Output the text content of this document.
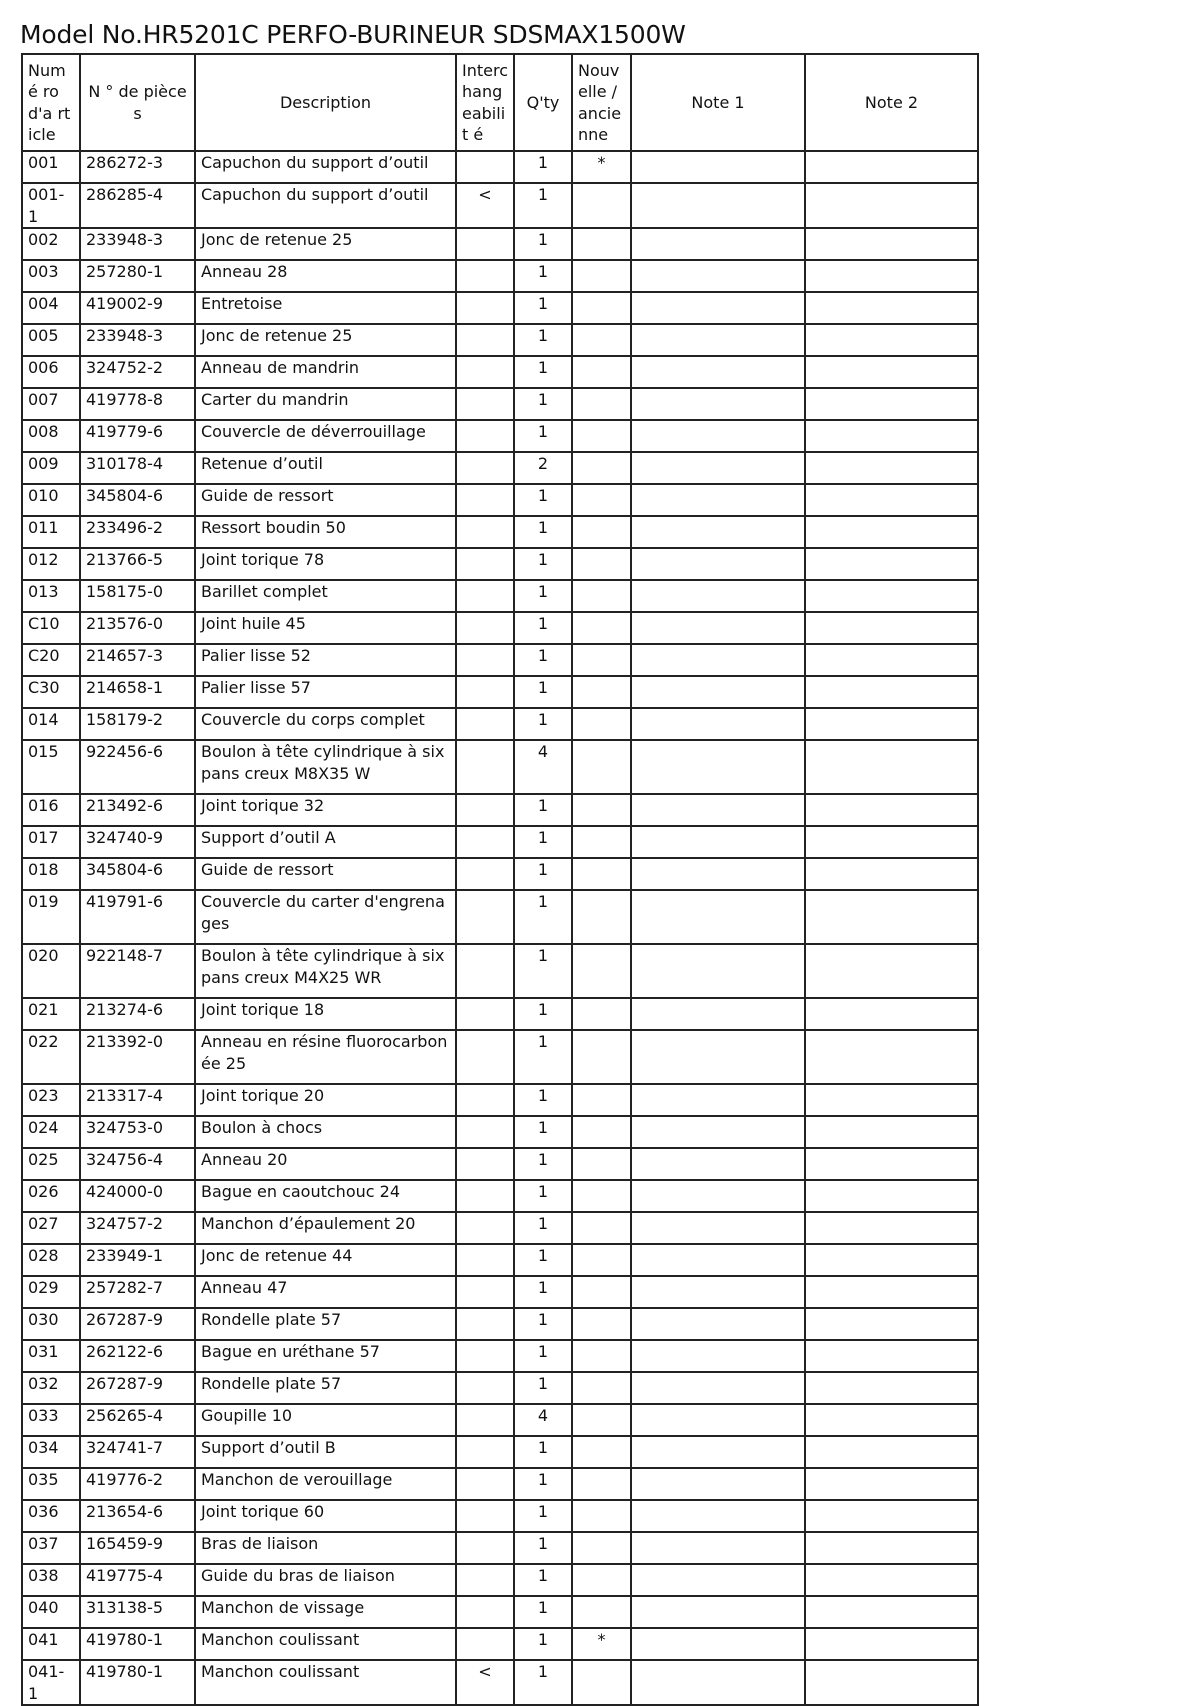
Model No.HR5201C PERFO-BURINEUR SDSMAX1500W
Numé ro d'a rticle	N ° de pièces	Description	Interc hang eabilit é	Q'ty	Nouv elle / ancie nne	Note 1	Note 2
001	286272-3	Capuchon du support d’outil		1	*		
001-1	286285-4	Capuchon du support d’outil	<	1			
002	233948-3	Jonc de retenue 25		1			
003	257280-1	Anneau 28		1			
004	419002-9	Entretoise		1			
005	233948-3	Jonc de retenue 25		1			
006	324752-2	Anneau de mandrin		1			
007	419778-8	Carter du mandrin		1			
008	419779-6	Couvercle de déverrouillage		1			
009	310178-4	Retenue d’outil		2			
010	345804-6	Guide de ressort		1			
011	233496-2	Ressort boudin 50		1			
012	213766-5	Joint torique 78		1			
013	158175-0	Barillet complet		1			
C10	213576-0	Joint huile 45		1			
C20	214657-3	Palier lisse 52		1			
C30	214658-1	Palier lisse 57		1			
014	158179-2	Couvercle du corps complet		1			
015	922456-6	Boulon à tête cylindrique à six pans creux M8X35 W		4			
016	213492-6	Joint torique 32		1			
017	324740-9	Support d’outil A		1			
018	345804-6	Guide de ressort		1			
019	419791-6	Couvercle du carter d'engrenages		1			
020	922148-7	Boulon à tête cylindrique à six pans creux M4X25 WR		1			
021	213274-6	Joint torique 18		1			
022	213392-0	Anneau en résine fluorocarbonée 25		1			
023	213317-4	Joint torique 20		1			
024	324753-0	Boulon à chocs		1			
025	324756-4	Anneau 20		1			
026	424000-0	Bague en caoutchouc 24		1			
027	324757-2	Manchon d’épaulement 20		1			
028	233949-1	Jonc de retenue 44		1			
029	257282-7	Anneau 47		1			
030	267287-9	Rondelle plate 57		1			
031	262122-6	Bague en uréthane 57		1			
032	267287-9	Rondelle plate 57		1			
033	256265-4	Goupille 10		4			
034	324741-7	Support d’outil B		1			
035	419776-2	Manchon de verouillage		1			
036	213654-6	Joint torique 60		1			
037	165459-9	Bras de liaison		1			
038	419775-4	Guide du bras de liaison		1			
040	313138-5	Manchon de vissage		1			
041	419780-1	Manchon coulissant		1	*		
041-1	419780-1	Manchon coulissant	<	1			
